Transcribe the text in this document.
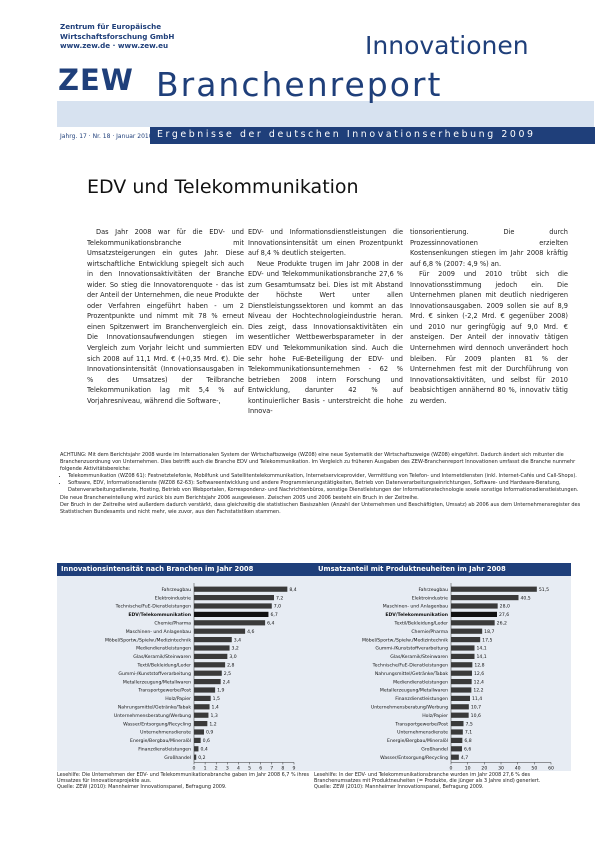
Zentrum für Europäische
Wirtschaftsforschung GmbH
www.zew.de · www.zew.eu
ZEW
Innovationen
Branchenreport
Ergebnisse der deutschen Innovationserhebung 2009
Jahrg. 17 · Nr. 18 · Januar 2010
EDV und Telekommunikation

Das Jahr 2008 war für die EDV- und Telekommunikationsbranche mit Umsatzsteigerungen ein gutes Jahr. Diese wirtschaftliche Entwicklung spiegelt sich auch in den Innovationsaktivitäten der Branche wider. So stieg die Innovatorenquote - das ist der Anteil der Unternehmen, die neue Produkte oder Verfahren eingeführt haben - um 2 Prozentpunkte und nimmt mit 78 % erneut einen Spitzenwert im Branchenvergleich ein. Die Innovationsaufwendungen stiegen im Vergleich zum Vorjahr leicht und summierten sich 2008 auf 11,1 Mrd. € (+0,35 Mrd. €). Die Innovationsintensität (Innovationsausgaben in % des Umsatzes) der Teilbranche Telekommunikation lag mit 5,4 % auf Vorjahresniveau, während die Software-,

EDV- und Informationsdienstleistungen die Innovationsintensität um einen Prozentpunkt auf 8,4 % deutlich steigerten.

Neue Produkte trugen im Jahr 2008 in der EDV- und Telekommunikationsbranche 27,6 % zum Gesamtumsatz bei. Dies ist mit Abstand der höchste Wert unter allen Dienstleistungssektoren und kommt an das Niveau der Hochtechnologieindustrie heran. Dies zeigt, dass Innovationsaktivitäten ein wesentlicher Wettbewerbsparameter in der EDV und Telekommunikation sind. Auch die sehr hohe FuE-Beteiligung der EDV- und Telekommunikationsunternehmen - 62 % betrieben 2008 intern Forschung und Entwicklung, darunter 42 % auf kontinuierlicher Basis - unterstreicht die hohe Innova-

tionsorientierung. Die durch Prozessinnovationen erzielten Kostensenkungen stiegen im Jahr 2008 kräftig auf 6,8 % (2007: 4,9 %) an.

Für 2009 und 2010 trübt sich die Innovationsstimmung jedoch ein. Die Unternehmen planen mit deutlich niedrigeren Innovationsausgaben. 2009 sollen sie auf 8,9 Mrd. € sinken (-2,2 Mrd. € gegenüber 2008) und 2010 nur geringfügig auf 9,0 Mrd. € ansteigen. Der Anteil der innovativ tätigen Unternehmen wird dennoch unverändert hoch bleiben. Für 2009 planten 81 % der Unternehmen fest mit der Durchführung von Innovationsaktivitäten, und selbst für 2010 beabsichtigen annähernd 80 %, innovativ tätig zu werden.

ACHTUNG: Mit dem Berichtsjahr 2008 wurde im Internationalen System der Wirtschaftszweige (WZ08) eine neue Systematik der Wirtschaftszweige (WZ08) eingeführt. Dadurch ändert sich mitunter die Branchenzuordnung von Unternehmen. Dies betrifft auch die Branche EDV und Telekommunikation. Im Vergleich zu früheren Ausgaben des ZEW-Branchenreport Innovationen umfasst die Branche nunmehr folgende Aktivitätsbereiche:
• Telekommunikation (WZ08 61): Festnetztelefonie, Mobilfunk und Satellitentelekommunikation, Internetserviceprovider, Vermittlung von Telefon- und Internetdiensten (inkl. Internet-Cafés und Call-Shops).
• Software, EDV, Informationsdienste (WZ08 62-63): Softwareentwicklung und andere Programmierungstätigkeiten, Betrieb von Datenverarbeitungseinrichtungen, Software- und Hardware-Beratung, Datenverarbeitungsdienste, Hosting, Betrieb von Webportalen, Korrespondenz- und Nachrichtenbüros, sonstige Dienstleistungen der Informationstechnologie sowie sonstige Informationsdienstleistungen.
Die neue Brancheneinteilung wird zurück bis zum Berichtsjahr 2006 ausgewiesen. Zwischen 2005 und 2006 besteht ein Bruch in der Zeitreihe.
Der Bruch in der Zeitreihe wird außerdem dadurch verstärkt, dass gleichzeitig die statistischen Basiszahlen (Anzahl der Unternehmen und Beschäftigten, Umsatz) ab 2006 aus dem Unternehmensregister des Statistischen Bundesamts und nicht mehr, wie zuvor, aus den Fachstatistiken stammen.
Fahrzeugbau	8,4
Elektroindustrie	7,2
Technische/FuE-Dienstleistungen	7,0
EDV/Telekommunikation	6,7
Chemie/Pharma	6,4
Maschinen- und Anlagenbau	4,6
Möbel/Sportw./Spielw./Medizintechnik	3,4
Mediendienstleistungen	3,2
Glas/Keramik/Steinwaren	3,0
Textil/Bekleidung/Leder	2,8
Gummi-/Kunststoffverarbeitung	2,5
Metallerzeugung/Metallwaren	2,4
Transportgewerbe/Post	1,9
Holz/Papier	1,5
Nahrungsmittel/Getränke/Tabak	1,4
Unternehmensberatung/Werbung	1,3
Wasser/Entsorgung/Recycling	1,2
Unternehmensdienste	0,9
Energie/Bergbau/Mineralöl	0,6
Finanzdienstleistungen 0,4
Großhandel 0,2
0 1 2 3 4 5 6 7 8 9
Innovationsintensität nach Branchen im Jahr 2008
Fahrzeugbau	51,5
Elektroindustrie	40,5
Maschinen- und Anlagenbau	28,0
EDV/Telekommunikation	27,6
Textil/Bekleidung/Leder	26,2
Chemie/Pharma	18,7
Möbel/Sportw./Spielw./Medizintechnik	17,5
Gummi-/Kunststoffverarbeitung	14,1
Glas/Keramik/Steinwaren	14,1
Technische/FuE-Dienstleistungen	12,8
Nahrungsmittel/Getränke/Tabak	12,6
Mediendienstleistungen	12,4
Metallerzeugung/Metallwaren	12,2
Finanzdienstleistungen	11,4
Unternehmensberatung/Werbung	10,7
Holz/Papier	10,6
Transportgewerbe/Post	7,5
Unternehmensdienste	7,1
Energie/Bergbau/Mineralöl	6,8
Großhandel	6,6
Wasser/Entsorgung/Recycling	4,7
0	10 20 30 40 50 60
Umsatzanteil mit Produktneuheiten im Jahr 2008
Lesehilfe: Die Unternehmen der EDV- und Telekommunikationsbranche gaben im Jahr 2008 6,7 % ihres Umsatzes für Innovationsprojekte aus.
Quelle: ZEW (2010): Mannheimer Innovationspanel, Befragung 2009.
Lesehilfe: In der EDV- und Telekommunikationsbranche wurden im Jahr 2008 27,6 % des Branchenumsatzes mit Produktneuheiten (= Produkte, die jünger als 3 Jahre sind) generiert.
Quelle: ZEW (2010): Mannheimer Innovationspanel, Befragung 2009.
